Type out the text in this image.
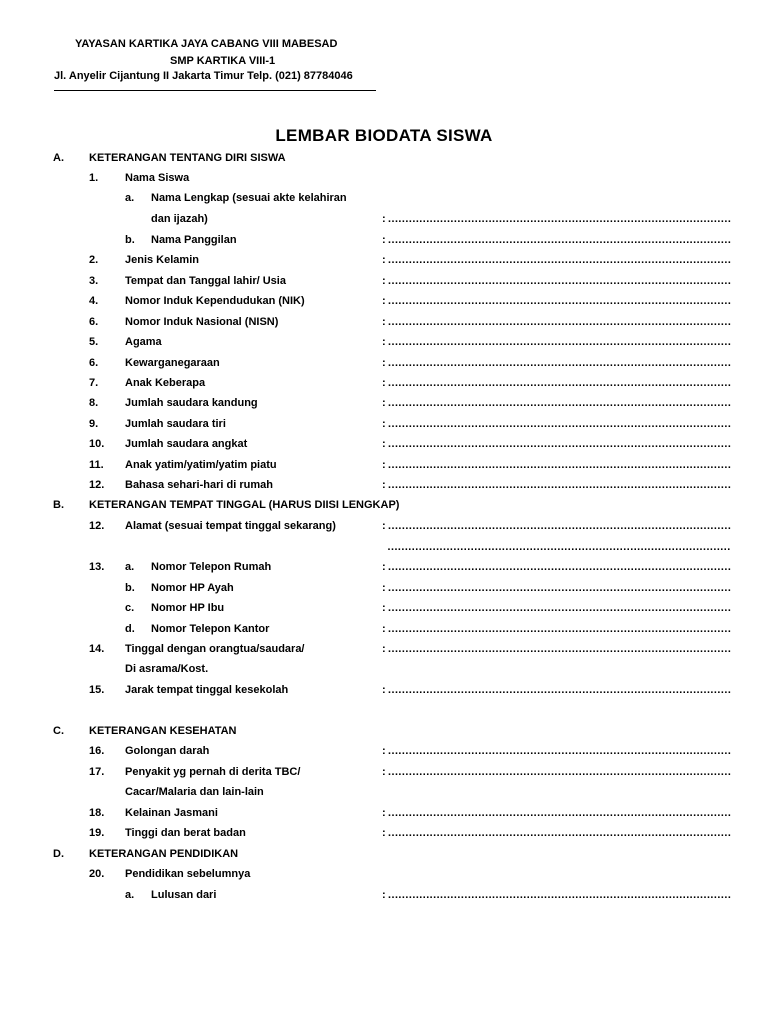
YAYASAN KARTIKA JAYA CABANG VIII MABESAD
SMP KARTIKA VIII-1
Jl. Anyelir Cijantung II Jakarta Timur Telp. (021) 87784046
LEMBAR BIODATA SISWA
A. KETERANGAN TENTANG DIRI SISWA
1. Nama Siswa
a. Nama Lengkap (sesuai akte kelahiran
dan ijazah)	: ………………………………………………………………………………………
b. Nama Panggilan	: ………………………………………………………………………………………
2. Jenis Kelamin	: ………………………………………………………………………………………
3. Tempat dan Tanggal lahir/ Usia	: ………………………………………………………………………………………
4. Nomor Induk Kependudukan (NIK)	: ………………………………………………………………………………………
6. Nomor Induk Nasional (NISN)	: ………………………………………………………………………………………
5. Agama	: ………………………………………………………………………………………
6. Kewarganegaraan	: ………………………………………………………………………………………
7. Anak Keberapa	: ………………………………………………………………………………………
8. Jumlah saudara kandung	: ………………………………………………………………………………………
9. Jumlah saudara tiri	: ………………………………………………………………………………………
10. Jumlah saudara angkat	: ………………………………………………………………………………………
11. Anak yatim/yatim/yatim piatu	: ………………………………………………………………………………………
12. Bahasa sehari-hari di rumah	: ………………………………………………………………………………………
B. KETERANGAN TEMPAT TINGGAL (HARUS DIISI LENGKAP)
12. Alamat (sesuai tempat tinggal sekarang)	: ………………………………………………………………………………………
………………………………………………………………………………………
13. a. Nomor Telepon Rumah	: ………………………………………………………………………………………
b. Nomor HP Ayah	: ………………………………………………………………………………………
c. Nomor HP Ibu	: ………………………………………………………………………………………
d. Nomor Telepon Kantor	: ………………………………………………………………………………………
14. Tinggal dengan orangtua/saudara/	: ………………………………………………………………………………………
Di asrama/Kost.
15. Jarak tempat tinggal kesekolah	: ………………………………………………………………………………………
C. KETERANGAN KESEHATAN
16. Golongan darah	: ………………………………………………………………………………………
17. Penyakit yg pernah di derita TBC/	: ………………………………………………………………………………………
Cacar/Malaria dan lain-lain
18. Kelainan Jasmani	: ………………………………………………………………………………………
19. Tinggi dan berat badan	: ………………………………………………………………………………………
D. KETERANGAN PENDIDIKAN
20. Pendidikan sebelumnya
a. Lulusan dari	: ………………………………………………………………………………………
